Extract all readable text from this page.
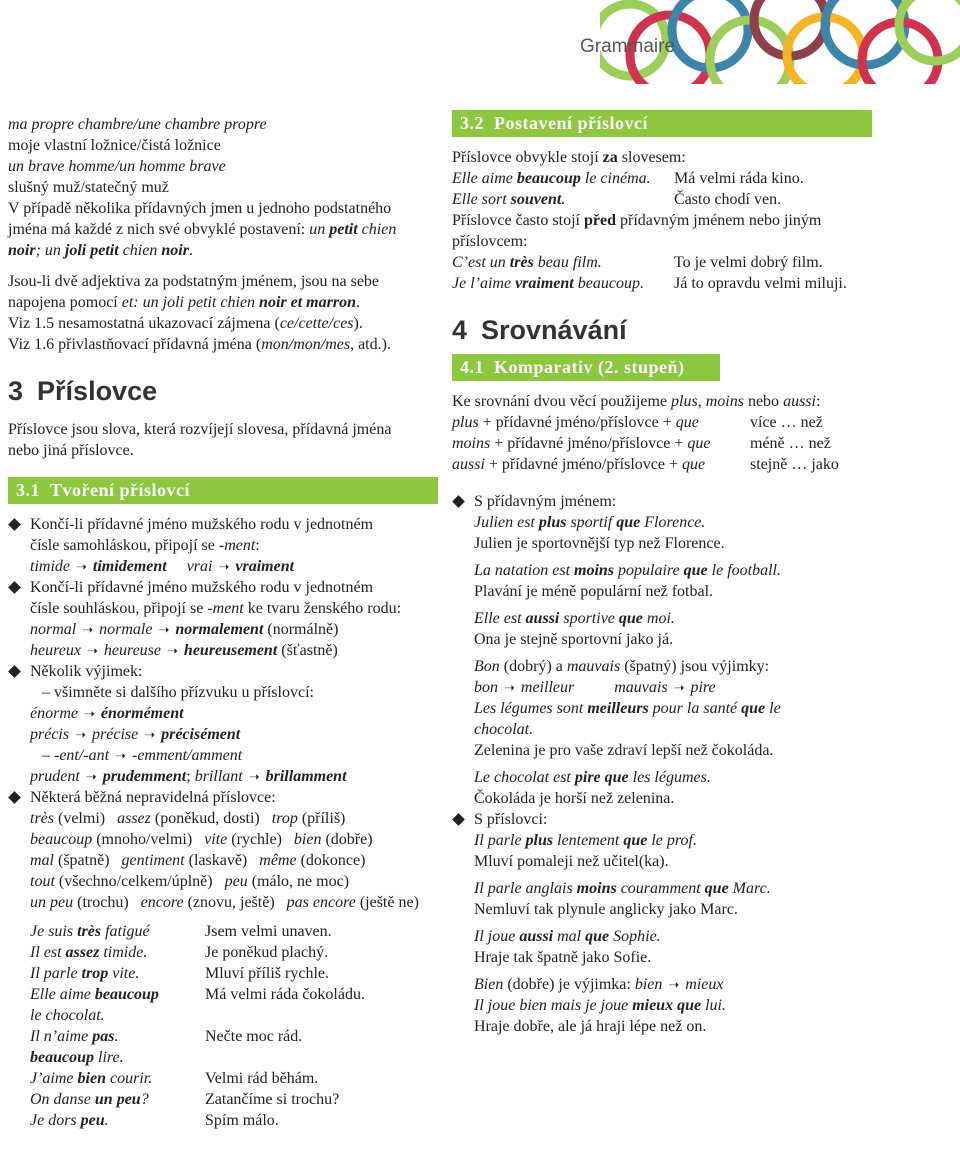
Grammaire
ma propre chambre/une chambre propre
moje vlastní ložnice/čistá ložnice
un brave homme/un homme brave
slušný muž/statečný muž
V případě několika přídavných jmen u jednoho podstatného
jména má každé z nich své obvyklé postavení: un petit chien
noir; un joli petit chien noir.
Jsou-li dvě adjektiva za podstatným jménem, jsou na sebe
napojena pomocí et: un joli petit chien noir et marron.
Viz 1.5 nesamostatná ukazovací zájmena (ce/cette/ces).
Viz 1.6 přivlastňovací přídavná jména (mon/mon/mes, atd.).
3 Příslovce
Příslovce jsou slova, která rozvíjejí slovesa, přídavná jména
nebo jiná příslovce.
3.1 Tvoření příslovcí
Končí-li přídavné jméno mužského rodu v jednotném
čísle samohláskou, připojí se -ment:
timide ➝ timidement vrai ➝ vraiment
Končí-li přídavné jméno mužského rodu v jednotném
čísle souhláskou, připojí se -ment ke tvaru ženského rodu:
normal ➝ normale ➝ normalement (normálně)
heureux ➝ heureuse ➝ heureusement (šťastně)
Několik výjimek:
– všimněte si dalšího přízvuku u příslovcí:
énorme ➝ énormément
précis ➝ précise ➝ précisément
– -ent/-ant ➝ -emment/amment
prudent ➝ prudemment; brillant ➝ brillamment
Některá běžná nepravidelná příslovce:
très (velmi)   assez (poněkud, dosti)   trop (příliš)
beaucoup (mnoho/velmi)   vite (rychle)   bien (dobře)
mal (špatně)   gentiment (laskavě)   même (dokonce)
tout (všechno/celkem/úplně)   peu (málo, ne moc)
un peu (trochu)   encore (znovu, ještě)   pas encore (ještě ne)
Je suis très fatigué	Jsem velmi unaven.
Il est assez timide.	Je poněkud plachý.
Il parle trop vite.	Mluví příliš rychle.
Elle aime beaucoup	Má velmi ráda čokoládu.
le chocolat.
Il n’aime pas.	Nečte moc rád.
beaucoup lire.
J’aime bien courir.	Velmi rád běhám.
On danse un peu?	Zatančíme si trochu?
Je dors peu.	Spím málo.
3.2 Postavení příslovcí
Příslovce obvykle stojí za slovesem:
Elle aime beaucoup le cinéma.	Má velmi ráda kino.
Elle sort souvent.	Často chodí ven.
Příslovce často stojí před přídavným jménem nebo jiným
příslovcem:
C’est un très beau film.	To je velmi dobrý film.
Je l’aime vraiment beaucoup.	Já to opravdu velmi miluji.
4 Srovnávání
4.1 Komparativ (2. stupeň)
Ke srovnání dvou věcí použijeme plus, moins nebo aussi:
plus + přídavné jméno/příslovce + que	více … než
moins + přídavné jméno/příslovce + que	méně … než
aussi + přídavné jméno/příslovce + que	stejně … jako
S přídavným jménem:
Julien est plus sportif que Florence.
Julien je sportovnější typ než Florence.
La natation est moins populaire que le football.
Plavání je méně populární než fotbal.
Elle est aussi sportive que moi.
Ona je stejně sportovní jako já.
Bon (dobrý) a mauvais (špatný) jsou výjimky:
bon ➝ meilleur	mauvais ➝ pire
Les légumes sont meilleurs pour la santé que le
chocolat.
Zelenina je pro vaše zdraví lepší než čokoláda.
Le chocolat est pire que les légumes.
Čokoláda je horší než zelenina.
S příslovci:
Il parle plus lentement que le prof.
Mluví pomaleji než učitel(ka).
Il parle anglais moins couramment que Marc.
Nemluví tak plynule anglicky jako Marc.
Il joue aussi mal que Sophie.
Hraje tak špatně jako Sofie.
Bien (dobře) je výjimka: bien ➝ mieux
Il joue bien mais je joue mieux que lui.
Hraje dobře, ale já hraji lépe než on.
